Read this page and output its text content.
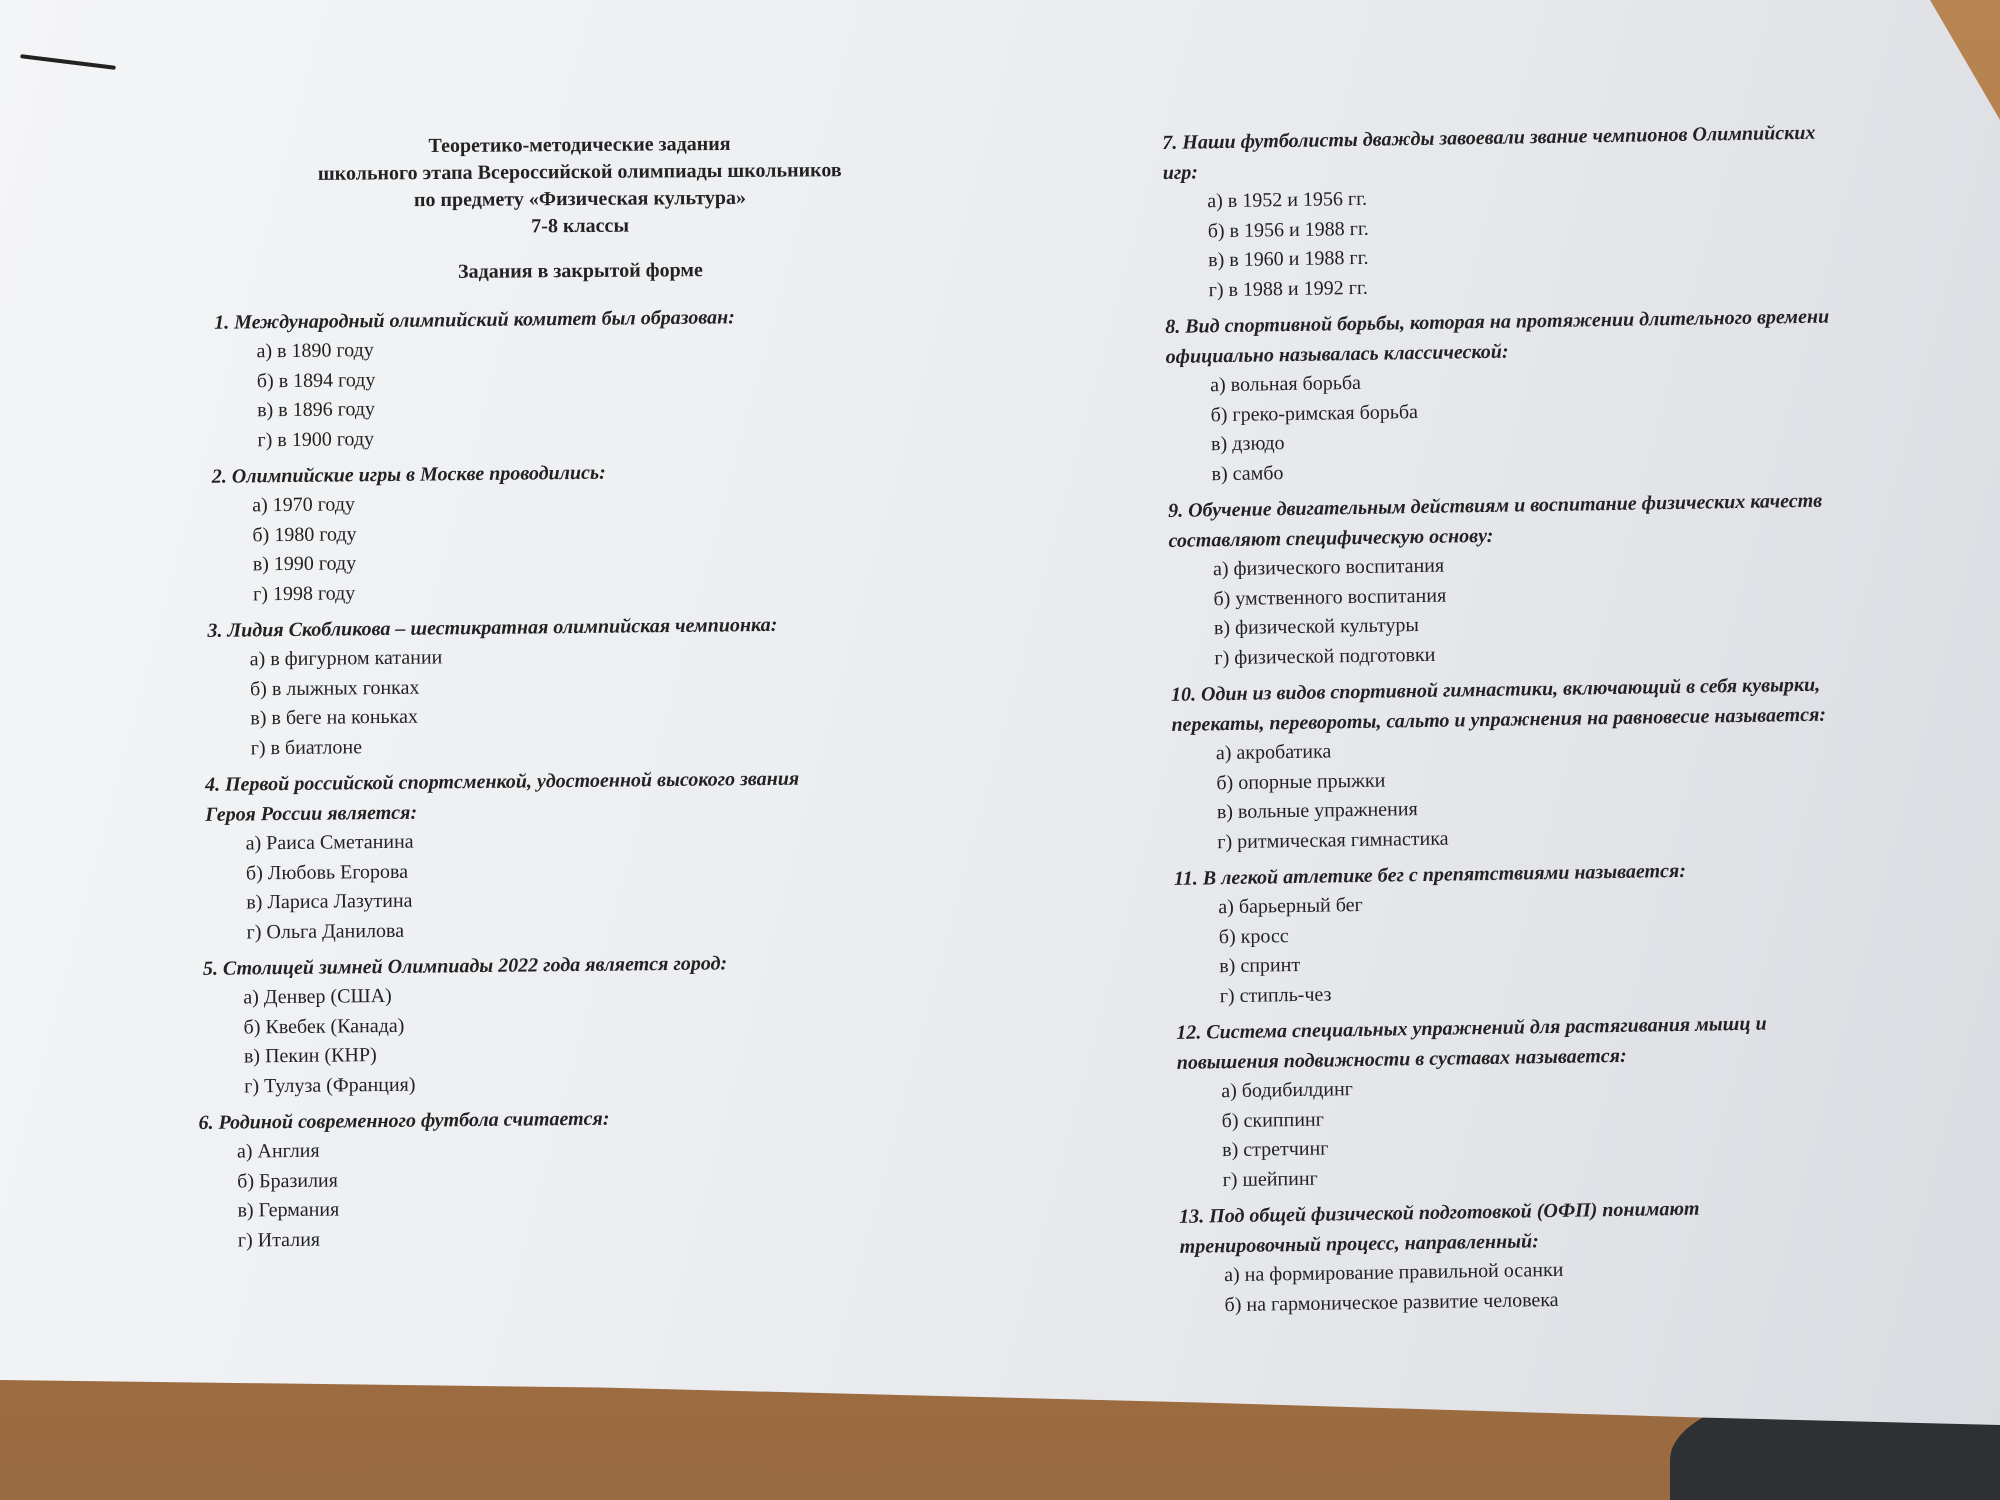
Теоретико-методические задания
школьного этапа Всероссийской олимпиады школьников
по предмету «Физическая культура»
7-8 классы
Задания в закрытой форме
1. Международный олимпийский комитет был образован:
а) в 1890 году
б) в 1894 году
в) в 1896 году
г) в 1900 году
2. Олимпийские игры в Москве проводились:
а) 1970 году
б) 1980 году
в) 1990 году
г) 1998 году
3. Лидия Скобликова – шестикратная олимпийская чемпионка:
а) в фигурном катании
б) в лыжных гонках
в) в беге на коньках
г) в биатлоне
4. Первой российской спортсменкой, удостоенной высокого звания
Героя России является:
а) Раиса Сметанина
б) Любовь Егорова
в) Лариса Лазутина
г) Ольга Данилова
5. Столицей зимней Олимпиады 2022 года является город:
а) Денвер (США)
б) Квебек (Канада)
в) Пекин (КНР)
г) Тулуза (Франция)
6. Родиной современного футбола считается:
а) Англия
б) Бразилия
в) Германия
г) Италия
7. Наши футболисты дважды завоевали звание чемпионов Олимпийских
игр:
а) в 1952 и 1956 гг.
б) в 1956 и 1988 гг.
в) в 1960 и 1988 гг.
г) в 1988 и 1992 гг.
8. Вид спортивной борьбы, которая на протяжении длительного времени
официально называлась классической:
а) вольная борьба
б) греко-римская борьба
в) дзюдо
в) самбо
9. Обучение двигательным действиям и воспитание физических качеств
составляют специфическую основу:
а) физического воспитания
б) умственного воспитания
в) физической культуры
г) физической подготовки
10. Один из видов спортивной гимнастики, включающий в себя кувырки,
перекаты, перевороты, сальто и упражнения на равновесие называется:
а) акробатика
б) опорные прыжки
в) вольные упражнения
г) ритмическая гимнастика
11. В легкой атлетике бег с препятствиями называется:
а) барьерный бег
б) кросс
в) спринт
г) стипль-чез
12. Система специальных упражнений для растягивания мышц и
повышения подвижности в суставах называется:
а) бодибилдинг
б) скиппинг
в) стретчинг
г) шейпинг
13. Под общей физической подготовкой (ОФП) понимают
тренировочный процесс, направленный:
а) на формирование правильной осанки
б) на гармоническое развитие человека
